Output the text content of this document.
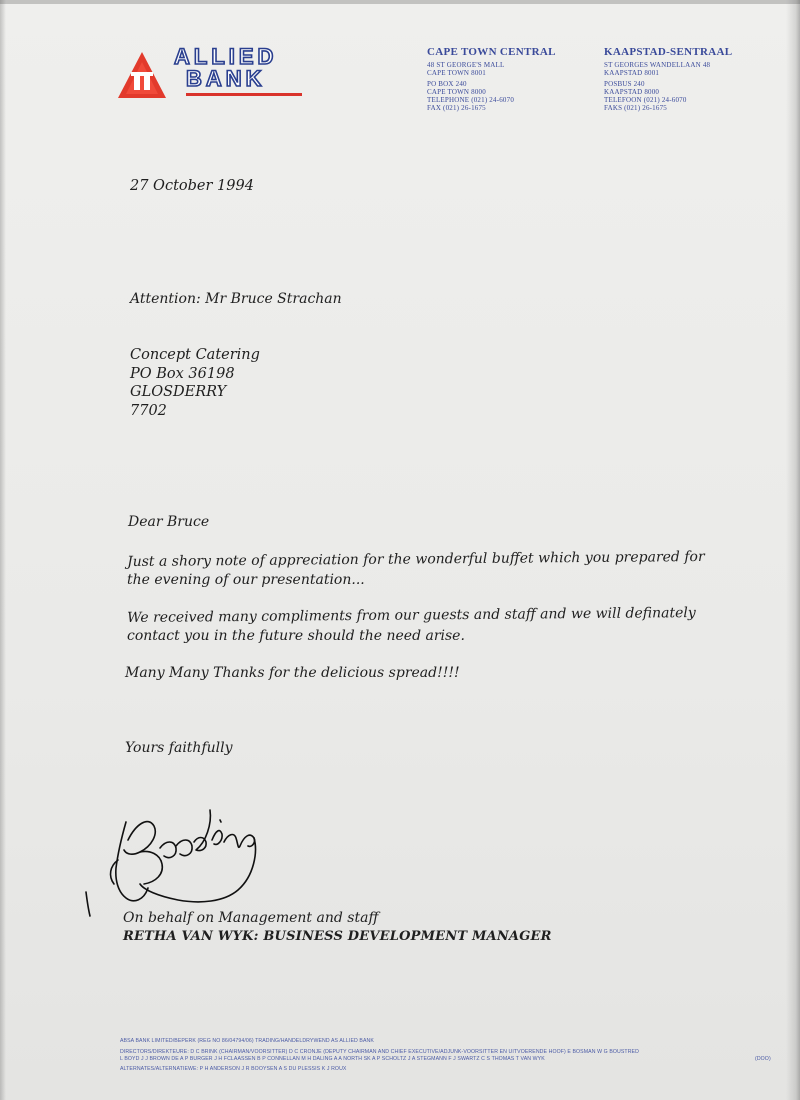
ALLIED
BANK
CAPE TOWN CENTRAL
48 ST GEORGE'S MALL
CAPE TOWN 8001
PO BOX 240
CAPE TOWN 8000
TELEPHONE (021) 24-6070
FAX (021) 26-1675
KAAPSTAD-SENTRAAL
ST GEORGES WANDELLAAN 48
KAAPSTAD 8001
POSBUS 240
KAAPSTAD 8000
TELEFOON (021) 24-6070
FAKS (021) 26-1675
27 October 1994
Attention: Mr Bruce Strachan
Concept Catering
PO Box 36198
GLOSDERRY
7702
Dear Bruce
Just a shory note of appreciation for the wonderful buffet which you prepared for
the evening of our presentation...
We received many compliments from our guests and staff and we will definately
contact you in the future should the need arise.
Many Many Thanks for the delicious spread!!!!
Yours faithfully
On behalf on Management and staff
RETHA VAN WYK: BUSINESS DEVELOPMENT MANAGER
ABSA BANK LIMITED/BEPERK (REG NO 86/04794/06) TRADING/HANDELDRYWEND AS ALLIED BANK
DIRECTORS/DIREKTEURE: D C BRINK (CHAIRMAN/VOORSITTER) D C CRONJE (DEPUTY CHAIRMAN AND CHIEF EXECUTIVE/ADJUNK-VOORSITTER EN UITVOERENDE HOOF) E BOSMAN W G BOUSTRED
L BOYD J J BROWN DE A P BURGER J H FCLAASSEN B P CONNELLAN M H DALING A A NORTH SK A P SCHOLTZ J A STEGMANN F J SWARTZ C S THOMAS T VAN WYK	(DOO)
ALTERNATES/ALTERNATIEWE: P H ANDERSON J R BOOYSEN A S DU PLESSIS K J ROUX
